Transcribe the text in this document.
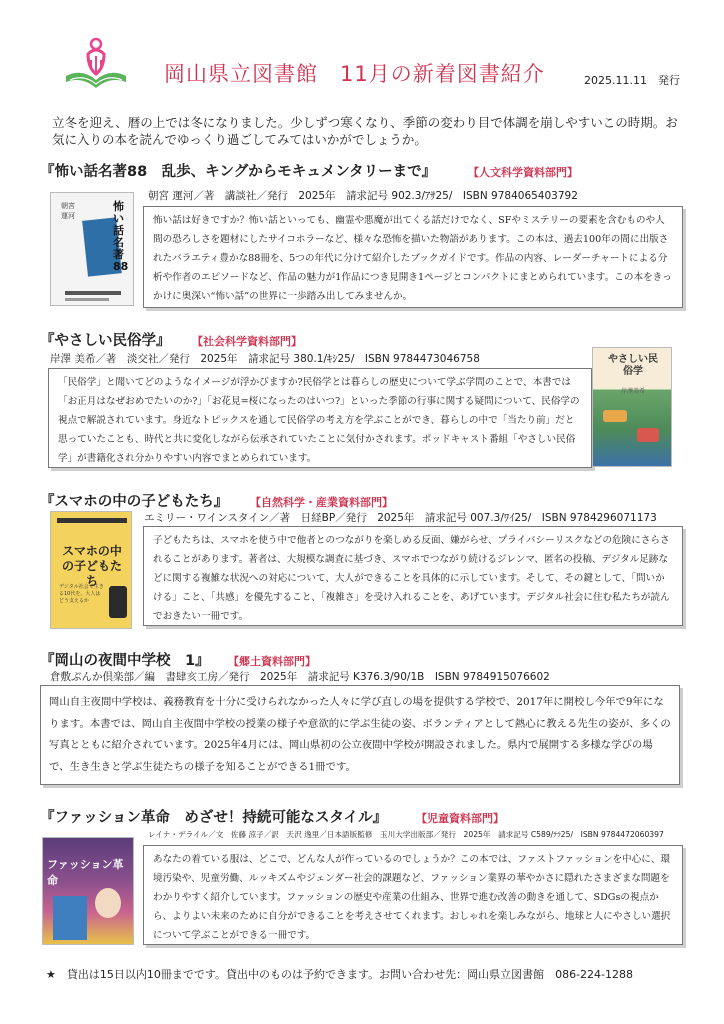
岡山県立図書館　11月の新着図書紹介	2025.11.11　発行
立冬を迎え、暦の上では冬になりました。少しずつ寒くなり、季節の変わり目で体調を崩しやすいこの時期。お気に入りの本を読んでゆっくり過ごしてみてはいかがでしょうか。
『怖い話名著88　乱歩、キングからモキュメンタリーまで』	【人文科学資料部門】
朝宮 運河／著　講談社／発行　2025年　請求記号 902.3/ｱｻ25/　ISBN 9784065403792
朝宮運河
怖い話名著88
怖い話は好きですか？怖い話といっても、幽霊や悪魔が出てくる話だけでなく、SFやミステリーの要素を含むものや人間の恐ろしさを題材にしたサイコホラーなど、様々な恐怖を描いた物語があります。この本は、過去100年の間に出版されたバラエティ豊かな88冊を、5つの年代に分けて紹介したブックガイドです。作品の内容、レーダーチャートによる分析や作者のエピソードなど、作品の魅力が1作品につき見開き1ページとコンパクトにまとめられています。この本をきっかけに奥深い“怖い話”の世界に一歩踏み出してみませんか。
『やさしい民俗学』 【社会科学資料部門】
岸澤 美希／著　淡交社／発行　2025年　請求記号 380.1/ｷｼ25/　ISBN 9784473046758
「民俗学」と聞いてどのようなイメージが浮かびますか?民俗学とは暮らしの歴史について学ぶ学問のことで、本書では「お正月はなぜおめでたいのか?」「お花見=桜になったのはいつ?」といった季節の行事に関する疑問について、民俗学の視点で解説されています。身近なトピックスを通して民俗学の考え方を学ぶことができ、暮らしの中で「当たり前」だと思っていたことも、時代と共に変化しながら伝承されていたことに気付かされます。ポッドキャスト番組「やさしい民俗学」が書籍化され分かりやすい内容でまとめられています。
やさしい民俗学
岸澤美希
『スマホの中の子どもたち』 【自然科学・産業資料部門】
エミリー・ワインスタイン／著　日経BP／発行　2025年　請求記号 007.3/ﾜｲ25/　ISBN 9784296071173
スマホの中の子どもたち
デジタル社会で生きる10代を、大人はどう支えるか
子どもたちは、スマホを使う中で他者とのつながりを楽しめる反面、嫌がらせ、プライバシーリスクなどの危険にさらされることがあります。著者は、大規模な調査に基づき、スマホでつながり続けるジレンマ、匿名の投稿、デジタル足跡などに関する複雑な状況への対応について、大人ができることを具体的に示しています。そして、その鍵として、「問いかける」こと、「共感」を優先すること、「複雑さ」を受け入れることを、あげています。デジタル社会に住む私たちが読んでおきたい一冊です。
『岡山の夜間中学校　1』 【郷土資料部門】
倉敷ぶんか倶楽部／編　書肆亥工房／発行　2025年　請求記号 K376.3/90/1B　ISBN 9784915076602
岡山自主夜間中学校は、義務教育を十分に受けられなかった人々に学び直しの場を提供する学校で、2017年に開校し今年で9年になります。本書では、岡山自主夜間中学校の授業の様子や意欲的に学ぶ生徒の姿、ボランティアとして熱心に教える先生の姿が、多くの写真とともに紹介されています。2025年4月には、岡山県初の公立夜間中学校が開設されました。県内で展開する多様な学びの場で、生き生きと学ぶ生徒たちの様子を知ることができる1冊です。
『ファッション革命　めざせ！持続可能なスタイル』	【児童資料部門】
レイナ・デライル／文　佐藤 涼子／訳　天沢 逸里／日本語版監修　玉川大学出版部／発行　2025年　請求記号 C589/ﾃﾗ25/　ISBN 9784472060397
ファッション革命
あなたの着ている服は、どこで、どんな人が作っているのでしょうか？この本では、ファストファッションを中心に、環境汚染や、児童労働、ルッキズムやジェンダー社会的課題など、ファッション業界の華やかさに隠れたさまざまな問題をわかりやすく紹介しています。ファッションの歴史や産業の仕組み、世界で進む改善の動きを通して、SDGsの視点から、よりよい未来のために自分ができることを考えさせてくれます。おしゃれを楽しみながら、地球と人にやさしい選択について学ぶことができる一冊です。
★　貸出は15日以内10冊までです。貸出中のものは予約できます。お問い合わせ先：岡山県立図書館　086-224-1288
